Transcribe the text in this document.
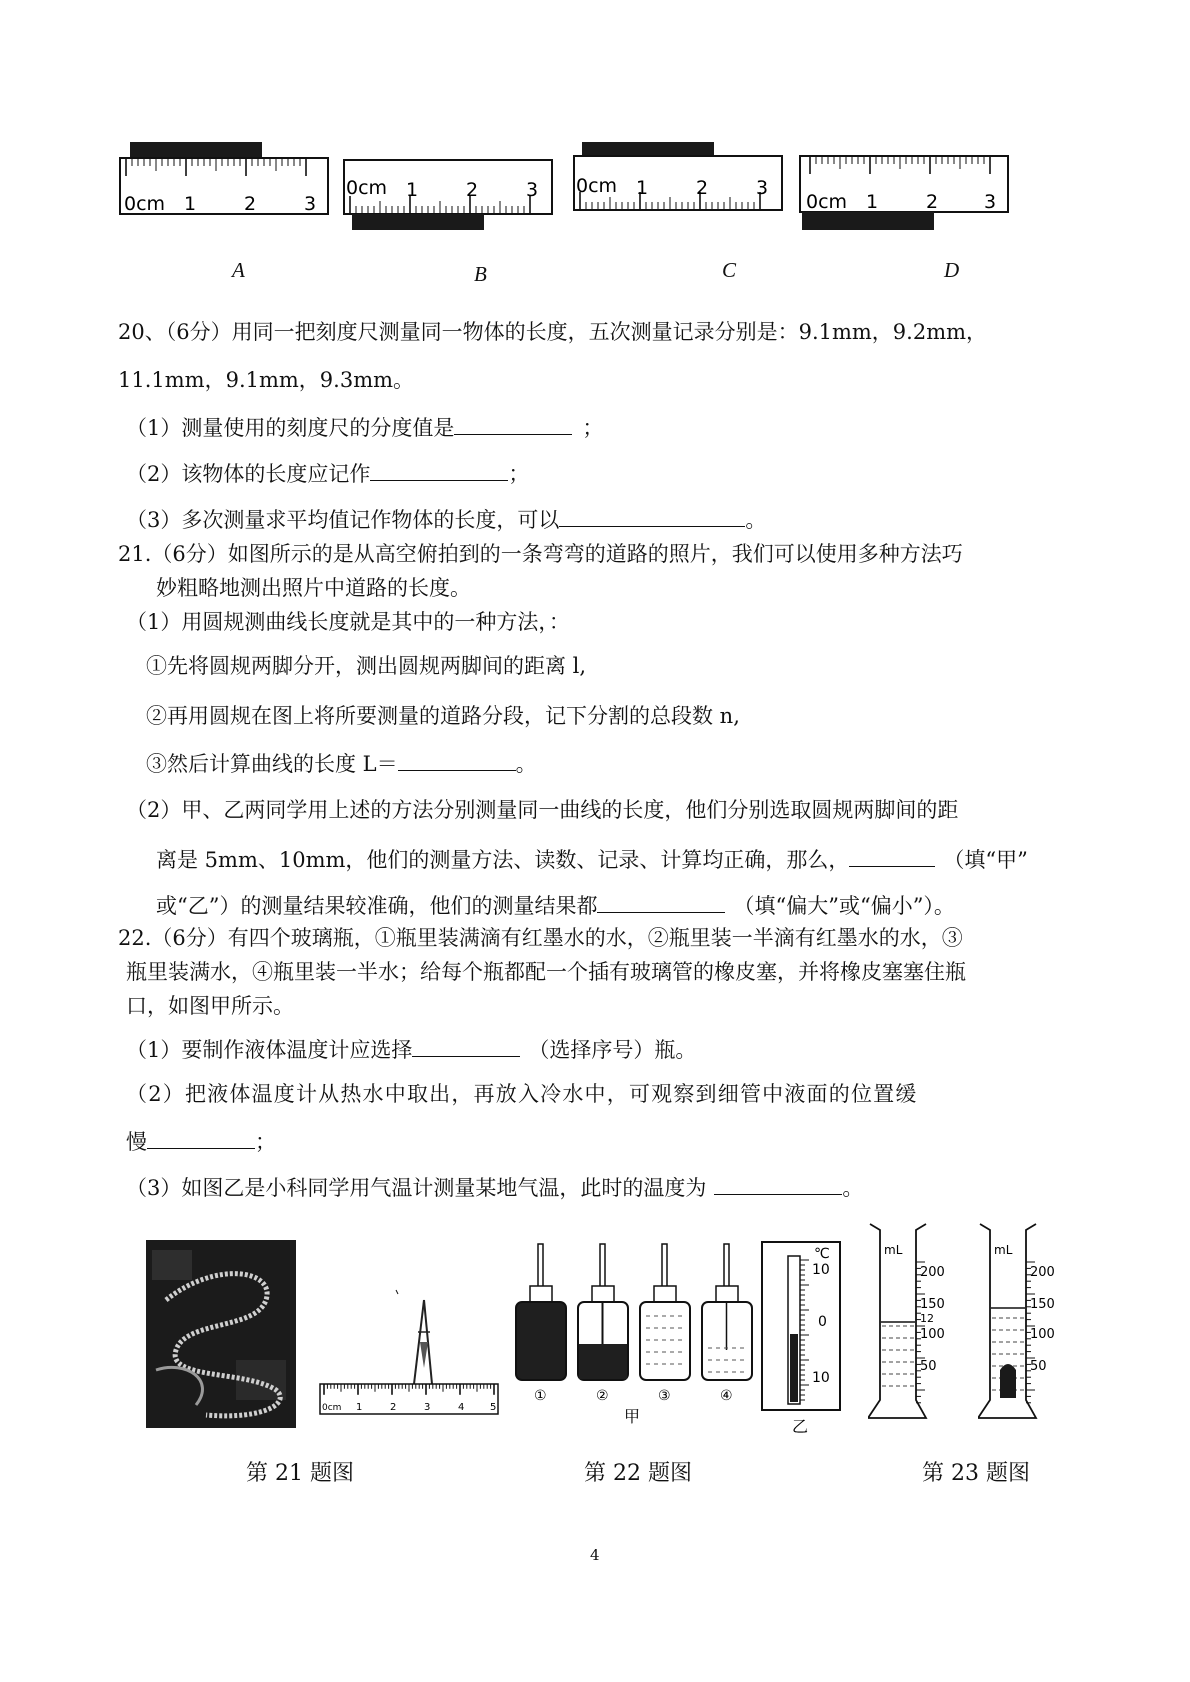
0cm 1	2	3
0cm 1	2	3 0cm 1	2	3
0cm 1	2 3
A	B	C	D
20、（6分）用同一把刻度尺测量同一物体的长度，五次测量记录分别是：9.1mm，9.2mm，
11.1mm，9.1mm，9.3mm。
（1）测量使用的刻度尺的分度值是	；
（2）该物体的长度应记作	；
（3）多次测量求平均值记作物体的长度，可以	。
21.（6分）如图所示的是从高空俯拍到的一条弯弯的道路的照片，我们可以使用多种方法巧
妙粗略地测出照片中道路的长度。
（1）用圆规测曲线长度就是其中的一种方法，：
①先将圆规两脚分开，测出圆规两脚间的距离 l,
②再用圆规在图上将所要测量的道路分段，记下分割的总段数 n,
③然后计算曲线的长度 L＝	。
（2）甲、乙两同学用上述的方法分别测量同一曲线的长度，他们分别选取圆规两脚间的距
离是 5mm、10mm，他们的测量方法、读数、记录、计算均正确，那么，	（填“甲”
或“乙”）的测量结果较准确，他们的测量结果都	（填“偏大”或“偏小”）。
22.（6分）有四个玻璃瓶，①瓶里装满滴有红墨水的水，②瓶里装一半滴有红墨水的水，③
瓶里装满水，④瓶里装一半水；给每个瓶都配一个插有玻璃管的橡皮塞，并将橡皮塞塞住瓶
口，如图甲所示。
（1）要制作液体温度计应选择	（选择序号）瓶。
（2）把液体温度计从热水中取出，再放入冷水中，可观察到细管中液面的位置缓
慢	；
（3）如图乙是小科同学用气温计测量某地气温，此时的温度为	。
0cm 1	2	3	4	5
①	②	③	④
甲
℃
10
0
10
乙
mL
200
150
12
100
50
mL
200
150
100
50
第 21 题图	第 22 题图	第 23 题图
4
